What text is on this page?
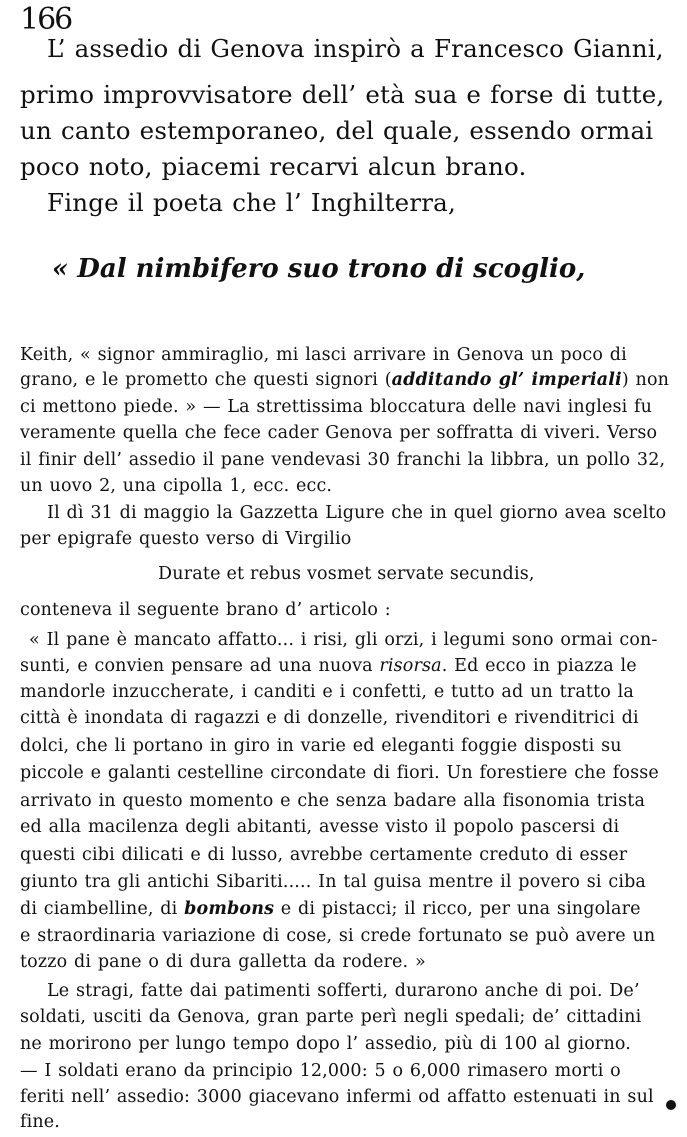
166
L’ assedio di Genova inspirò a Francesco Gianni,
primo improvvisatore dell’ età sua e forse di tutte,
un canto estemporaneo, del quale, essendo ormai
poco noto, piacemi recarvi alcun brano.
Finge il poeta che l’ Inghilterra,
« Dal nimbifero suo trono di scoglio,
Keith, « signor ammiraglio, mi lasci arrivare in Genova un poco di
grano, e le prometto che questi signori (additando gl’ imperiali) non
ci mettono piede. » — La strettissima bloccatura delle navi inglesi fu
veramente quella che fece cader Genova per soffratta di viveri. Verso
il finir dell’ assedio il pane vendevasi 30 franchi la libbra, un pollo 32,
un uovo 2, una cipolla 1, ecc. ecc.
Il dì 31 di maggio la Gazzetta Ligure che in quel giorno avea scelto
per epigrafe questo verso di Virgilio
Durate et rebus vosmet servate secundis,
conteneva il seguente brano d’ articolo :
« Il pane è mancato affatto... i risi, gli orzi, i legumi sono ormai con-
sunti, e convien pensare ad una nuova risorsa. Ed ecco in piazza le
mandorle inzuccherate, i canditi e i confetti, e tutto ad un tratto la
città è inondata di ragazzi e di donzelle, rivenditori e rivenditrici di
dolci, che li portano in giro in varie ed eleganti foggie disposti su
piccole e galanti cestelline circondate di fiori. Un forestiere che fosse
arrivato in questo momento e che senza badare alla fisonomia trista
ed alla macilenza degli abitanti, avesse visto il popolo pascersi di
questi cibi dilicati e di lusso, avrebbe certamente creduto di esser
giunto tra gli antichi Sibariti..... In tal guisa mentre il povero si ciba
di ciambelline, di bombons e di pistacci; il ricco, per una singolare
e straordinaria variazione di cose, si crede fortunato se può avere un
tozzo di pane o di dura galletta da rodere. »
Le stragi, fatte dai patimenti sofferti, durarono anche di poi. De’
soldati, usciti da Genova, gran parte perì negli spedali; de’ cittadini
ne morirono per lungo tempo dopo l’ assedio, più di 100 al giorno.
— I soldati erano da principio 12,000: 5 o 6,000 rimasero morti o
feriti nell’ assedio: 3000 giacevano infermi od affatto estenuati in sul
fine.
